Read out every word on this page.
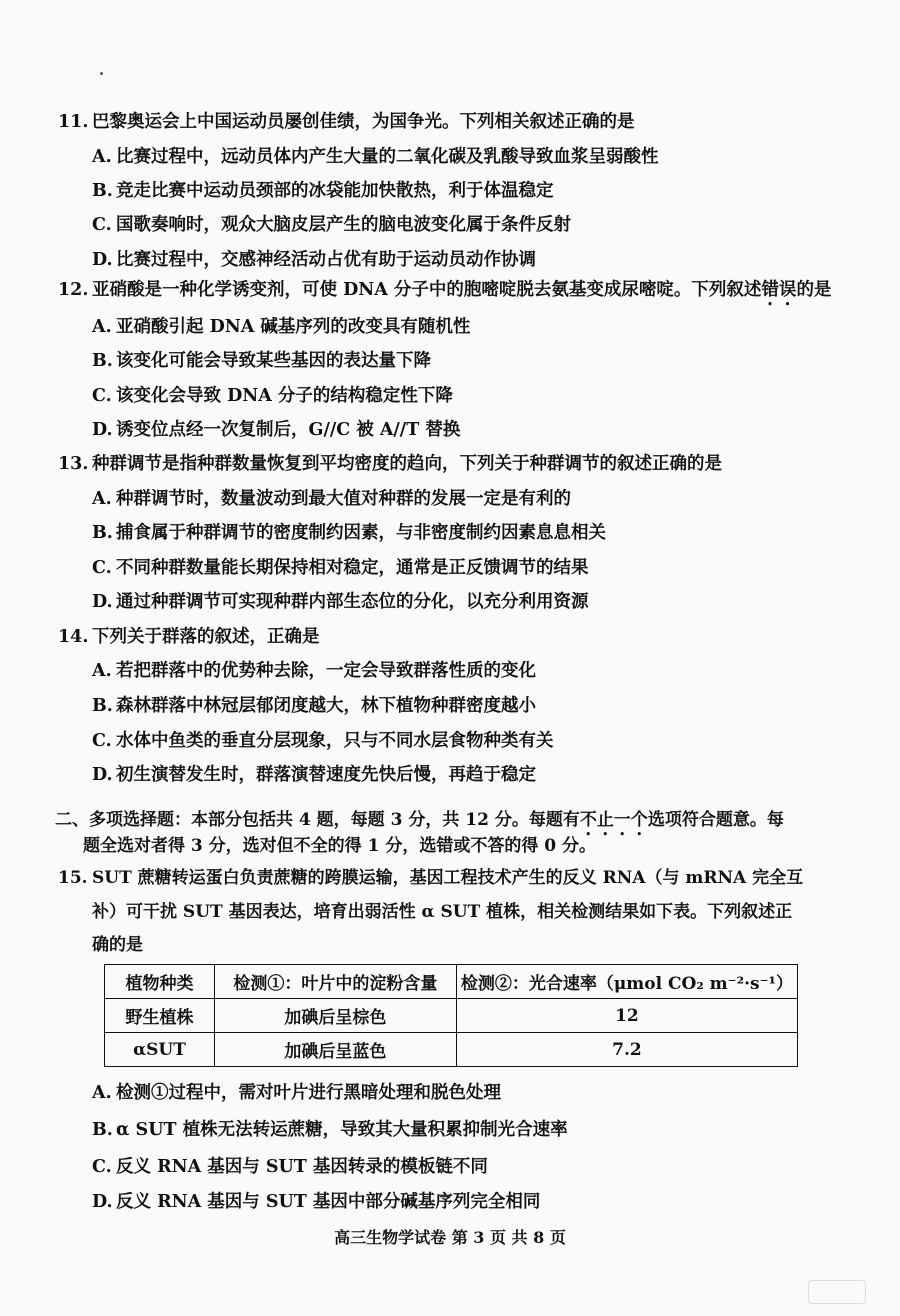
11. 巴黎奥运会上中国运动员屡创佳绩，为国争光。下列相关叙述正确的是
A. 比赛过程中，远动员体内产生大量的二氧化碳及乳酸导致血浆呈弱酸性
B. 竞走比赛中运动员颈部的冰袋能加快散热，利于体温稳定
C. 国歌奏响时，观众大脑皮层产生的脑电波变化属于条件反射
D. 比赛过程中，交感神经活动占优有助于运动员动作协调
12. 亚硝酸是一种化学诱变剂，可使 DNA 分子中的胞嘧啶脱去氨基变成尿嘧啶。下列叙述错误的是
A. 亚硝酸引起 DNA 碱基序列的改变具有随机性
B. 该变化可能会导致某些基因的表达量下降
C. 该变化会导致 DNA 分子的结构稳定性下降
D. 诱变位点经一次复制后，G//C 被 A//T 替换
13. 种群调节是指种群数量恢复到平均密度的趋向，下列关于种群调节的叙述正确的是
A. 种群调节时，数量波动到最大值对种群的发展一定是有利的
B. 捕食属于种群调节的密度制约因素，与非密度制约因素息息相关
C. 不同种群数量能长期保持相对稳定，通常是正反馈调节的结果
D. 通过种群调节可实现种群内部生态位的分化，以充分利用资源
14. 下列关于群落的叙述，正确是
A. 若把群落中的优势种去除，一定会导致群落性质的变化
B. 森林群落中林冠层郁闭度越大，林下植物种群密度越小
C. 水体中鱼类的垂直分层现象，只与不同水层食物种类有关
D. 初生演替发生时，群落演替速度先快后慢，再趋于稳定
二、多项选择题：本部分包括共 4 题，每题 3 分，共 12 分。每题有不止一个选项符合题意。每
题全选对者得 3 分，选对但不全的得 1 分，选错或不答的得 0 分。
15. SUT 蔗糖转运蛋白负责蔗糖的跨膜运输，基因工程技术产生的反义 RNA（与 mRNA 完全互
补）可干扰 SUT 基因表达，培育出弱活性 α SUT 植株，相关检测结果如下表。下列叙述正
确的是
植物种类	检测①：叶片中的淀粉含量	检测②：光合速率（μmol CO₂ m⁻²·s⁻¹）
野生植株	加碘后呈棕色	12
αSUT	加碘后呈蓝色	7.2
A. 检测①过程中，需对叶片进行黑暗处理和脱色处理
B. α SUT 植株无法转运蔗糖，导致其大量积累抑制光合速率
C. 反义 RNA 基因与 SUT 基因转录的模板链不同
D. 反义 RNA 基因与 SUT 基因中部分碱基序列完全相同
高三生物学试卷 第 3 页 共 8 页
